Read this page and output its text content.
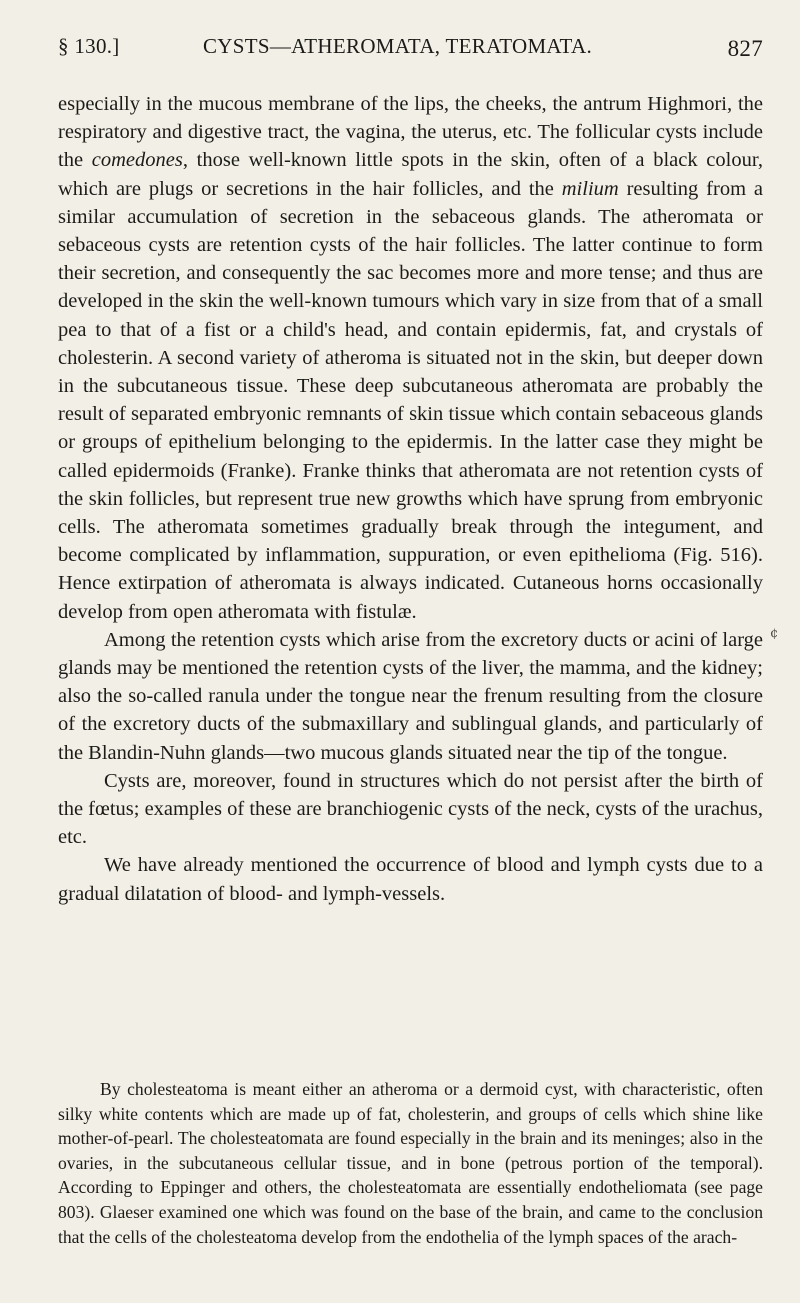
§ 130.]	CYSTS—ATHEROMATA, TERATOMATA.	827

especially in the mucous membrane of the lips, the cheeks, the antrum Highmori, the respiratory and digestive tract, the vagina, the uterus, etc. The follicular cysts include the comedones, those well-known little spots in the skin, often of a black colour, which are plugs or secretions in the hair follicles, and the milium resulting from a similar accumulation of secretion in the sebaceous glands. The atheromata or sebaceous cysts are retention cysts of the hair follicles. The latter continue to form their secretion, and consequently the sac becomes more and more tense; and thus are developed in the skin the well-known tumours which vary in size from that of a small pea to that of a fist or a child's head, and contain epidermis, fat, and crystals of cholesterin. A second variety of atheroma is situated not in the skin, but deeper down in the subcutaneous tissue. These deep subcutaneous atheromata are probably the result of separated embryonic remnants of skin tissue which contain sebaceous glands or groups of epithelium belonging to the epidermis. In the latter case they might be called epidermoids (Franke). Franke thinks that atheromata are not retention cysts of the skin follicles, but represent true new growths which have sprung from embryonic cells. The atheromata sometimes gradually break through the integument, and become complicated by inflammation, suppuration, or even epithelioma (Fig. 516). Hence extirpation of atheromata is always indicated. Cutaneous horns occasionally develop from open atheromata with fistulæ.

Among the retention cysts which arise from the excretory ducts or acini of large glands may be mentioned the retention cysts of the liver, the mamma, and the kidney; also the so-called ranula under the tongue near the frenum resulting from the closure of the excretory ducts of the submaxillary and sublingual glands, and particularly of the Blandin-Nuhn glands—two mucous glands situated near the tip of the tongue.

Cysts are, moreover, found in structures which do not persist after the birth of the fœtus; examples of these are branchiogenic cysts of the neck, cysts of the urachus, etc.

We have already mentioned the occurrence of blood and lymph cysts due to a gradual dilatation of blood- and lymph-vessels.

By cholesteatoma is meant either an atheroma or a dermoid cyst, with characteristic, often silky white contents which are made up of fat, cholesterin, and groups of cells which shine like mother-of-pearl. The cholesteatomata are found especially in the brain and its meninges; also in the ovaries, in the subcutaneous cellular tissue, and in bone (petrous portion of the temporal). According to Eppinger and others, the cholesteatomata are essentially endotheliomata (see page 803). Glaeser examined one which was found on the base of the brain, and came to the conclusion that the cells of the cholesteatoma develop from the endothelia of the lymph spaces of the arach-

¢
